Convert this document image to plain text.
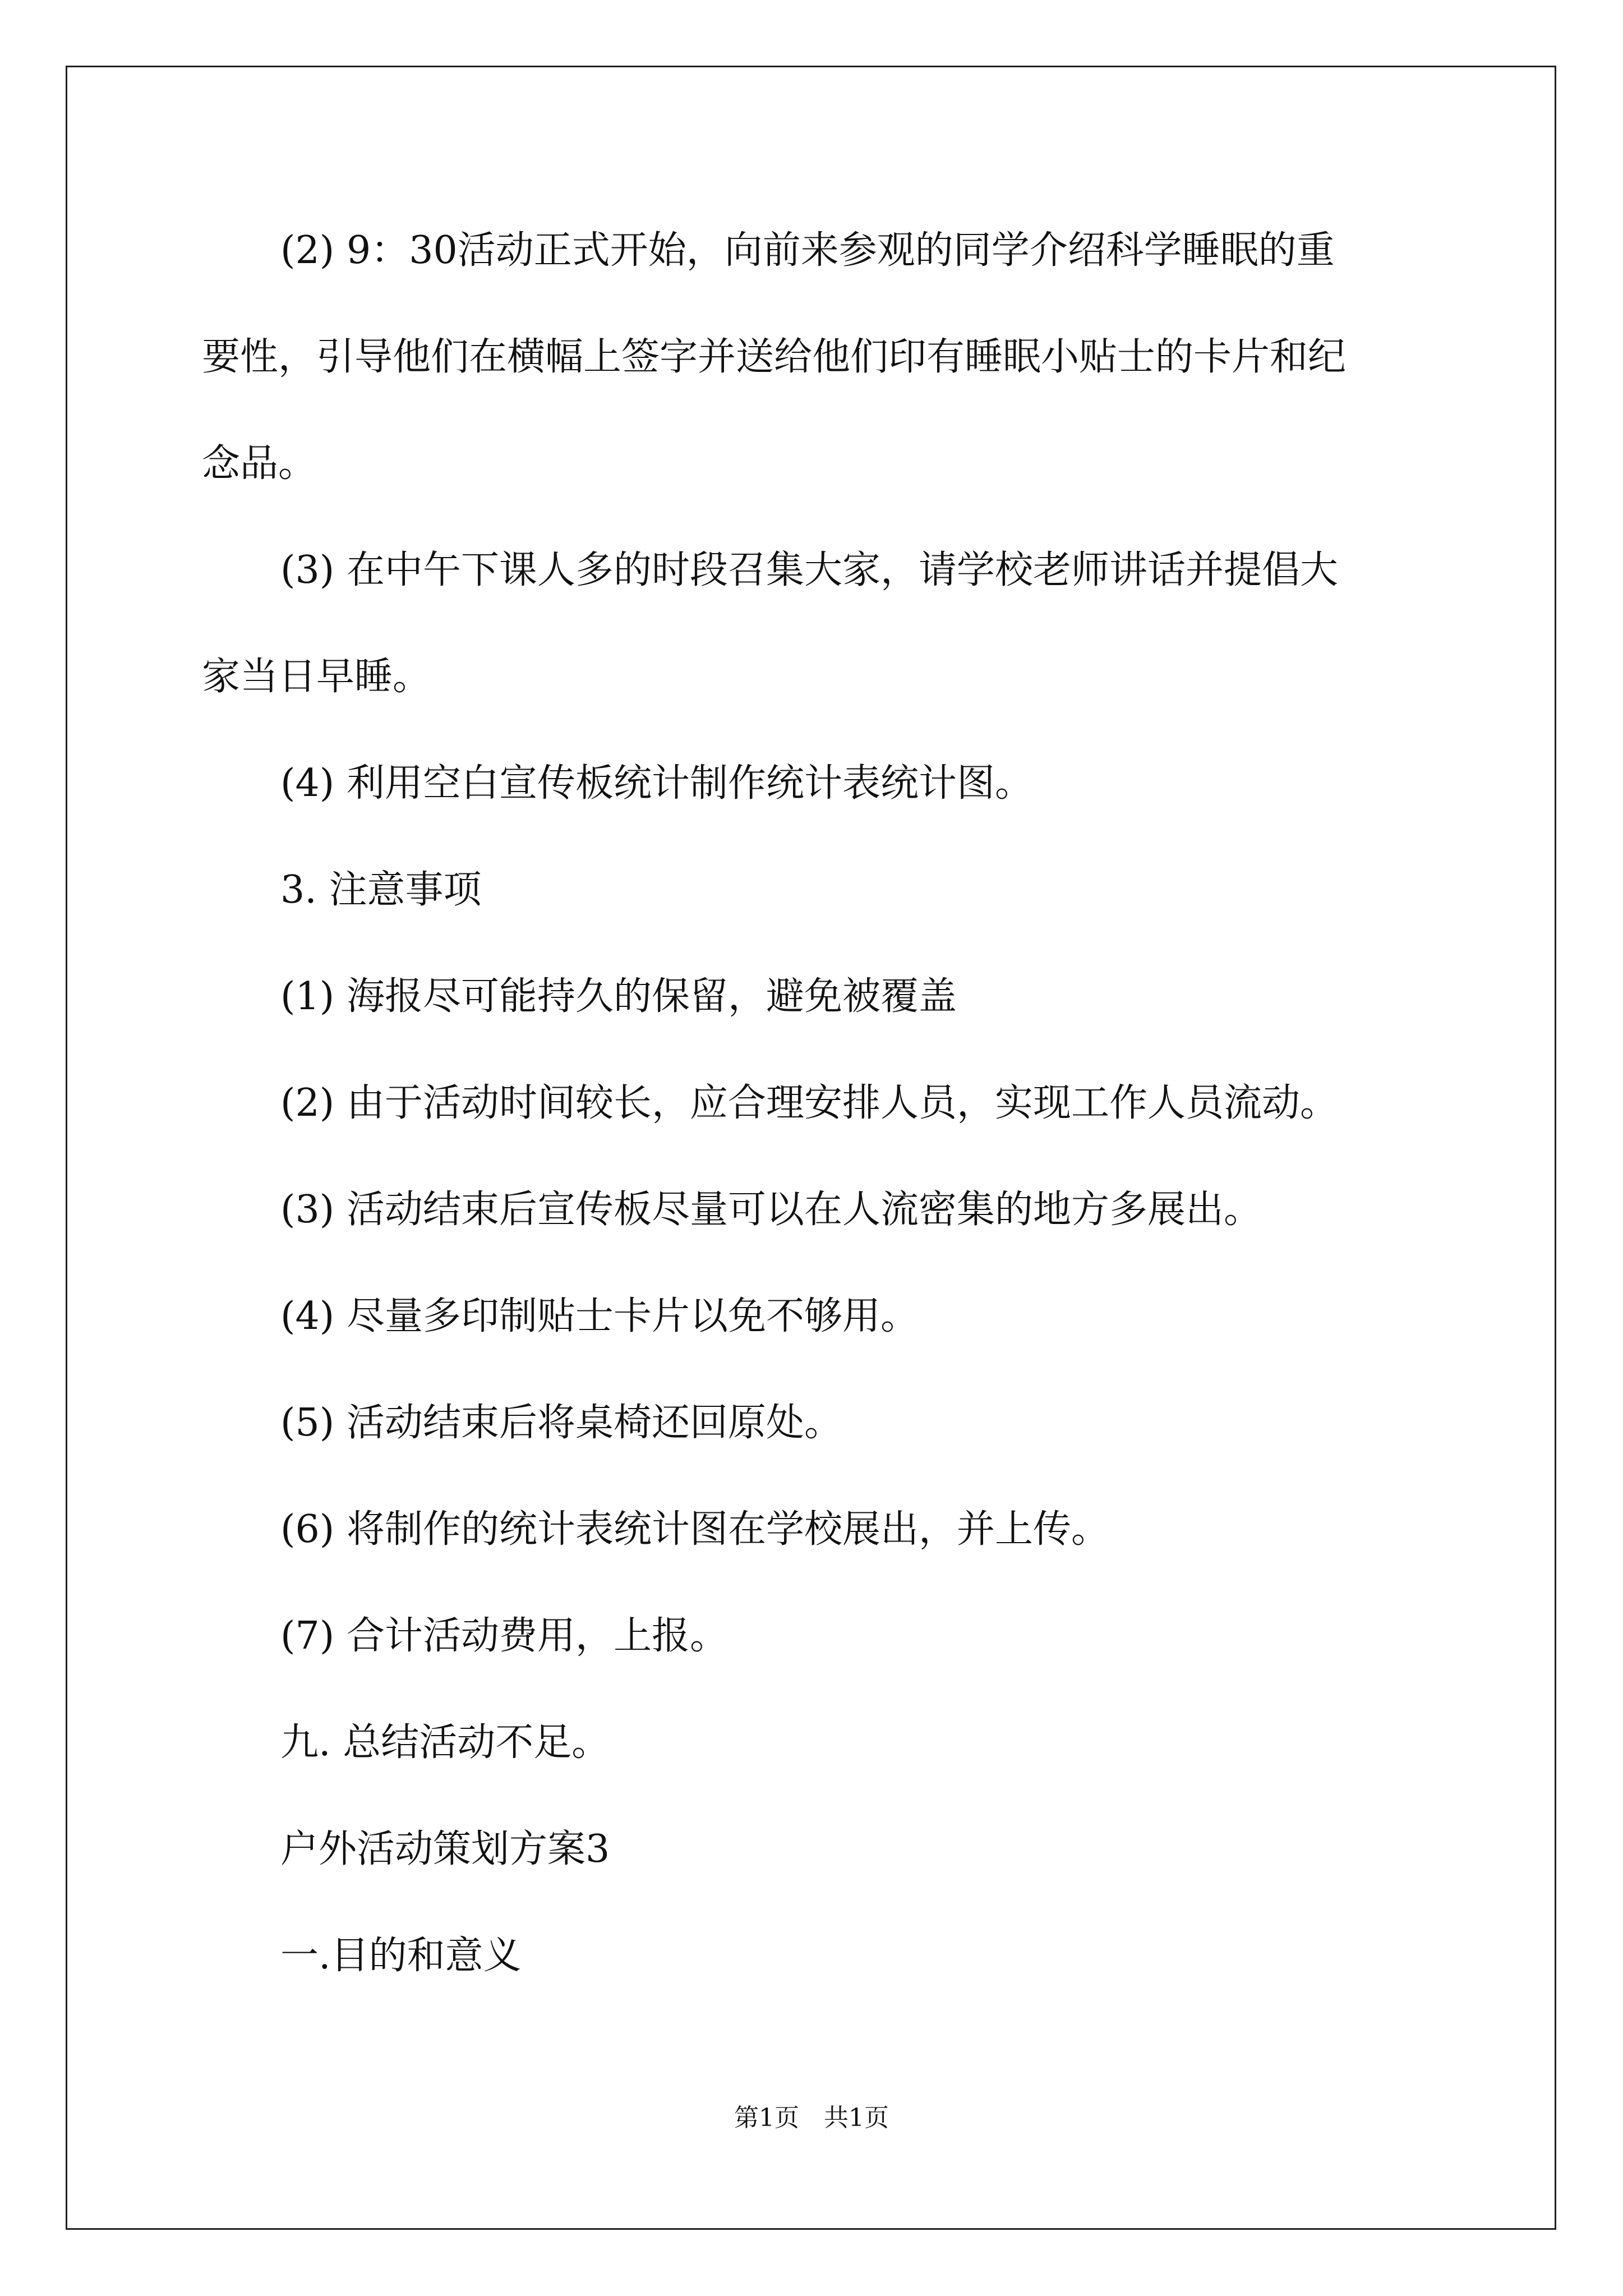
(2) 9：30活动正式开始，向前来参观的同学介绍科学睡眠的重
要性，引导他们在横幅上签字并送给他们印有睡眠小贴士的卡片和纪
念品。
(3) 在中午下课人多的时段召集大家，请学校老师讲话并提倡大
家当日早睡。
(4) 利用空白宣传板统计制作统计表统计图。
3. 注意事项
(1) 海报尽可能持久的保留，避免被覆盖
(2) 由于活动时间较长，应合理安排人员，实现工作人员流动。
(3) 活动结束后宣传板尽量可以在人流密集的地方多展出。
(4) 尽量多印制贴士卡片以免不够用。
(5) 活动结束后将桌椅还回原处。
(6) 将制作的统计表统计图在学校展出，并上传。
(7) 合计活动费用，上报。
九. 总结活动不足。
户外活动策划方案3
一.目的和意义
第1页　共1页
